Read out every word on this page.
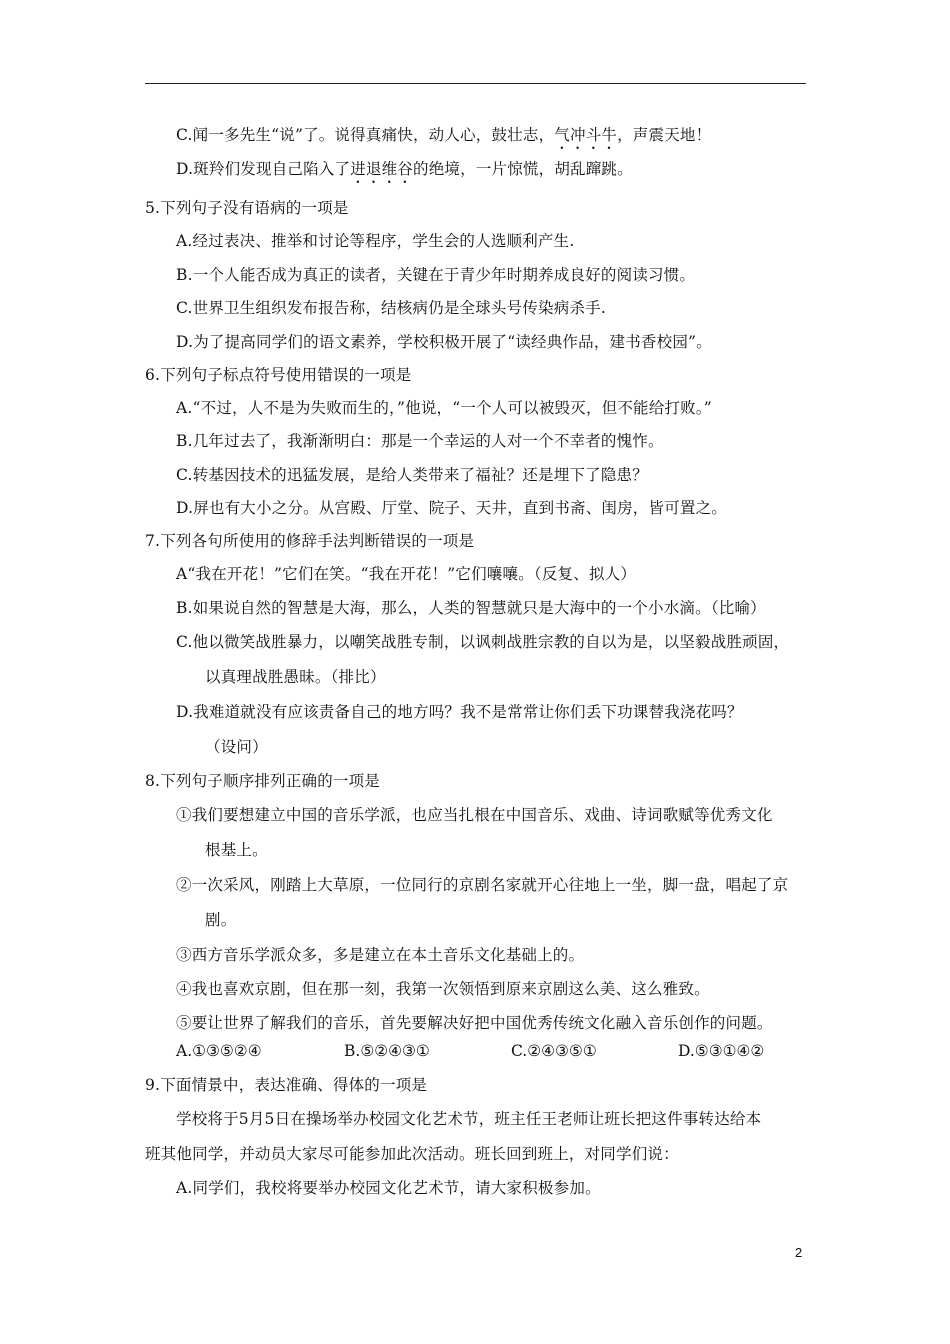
C.闻一多先生“说”了。说得真痛快，动人心，鼓壮志，气冲斗牛，声震天地！
D.斑羚们发现自己陷入了进退维谷的绝境，一片惊慌，胡乱蹿跳。
5.下列句子没有语病的一项是
A.经过表决、推举和讨论等程序，学生会的人选顺利产生.
B.一个人能否成为真正的读者，关键在于青少年时期养成良好的阅读习惯。
C.世界卫生组织发布报告称，结核病仍是全球头号传染病杀手.
D.为了提高同学们的语文素养，学校积极开展了“读经典作品，建书香校园”。
6.下列句子标点符号使用错误的一项是
A.“不过，人不是为失败而生的，”他说，“一个人可以被毁灭，但不能给打败。”
B.几年过去了，我渐渐明白：那是一个幸运的人对一个不幸者的愧怍。
C.转基因技术的迅猛发展，是给人类带来了福祉？还是埋下了隐患？
D.屏也有大小之分。从宫殿、厅堂、院子、天井，直到书斋、闺房，皆可置之。
7.下列各句所使用的修辞手法判断错误的一项是
A“我在开花！”它们在笑。“我在开花！”它们嚷嚷。（反复、拟人）
B.如果说自然的智慧是大海，那么，人类的智慧就只是大海中的一个小水滴。（比喻）
C.他以微笑战胜暴力，以嘲笑战胜专制，以讽刺战胜宗教的自以为是，以坚毅战胜顽固，
以真理战胜愚昧。（排比）
D.我难道就没有应该责备自己的地方吗？我不是常常让你们丢下功课替我浇花吗？
（设问）
8.下列句子顺序排列正确的一项是
①我们要想建立中国的音乐学派，也应当扎根在中国音乐、戏曲、诗词歌赋等优秀文化
根基上。
②一次采风，刚踏上大草原，一位同行的京剧名家就开心往地上一坐，脚一盘，唱起了京
剧。
③西方音乐学派众多，多是建立在本土音乐文化基础上的。
④我也喜欢京剧，但在那一刻，我第一次领悟到原来京剧这么美、这么雅致。
⑤要让世界了解我们的音乐，首先要解决好把中国优秀传统文化融入音乐创作的问题。
A.①③⑤②④	B.⑤②④③①	C.②④③⑤①	D.⑤③①④②
9.下面情景中，表达准确、得体的一项是
学校将于5月5日在操场举办校园文化艺术节，班主任王老师让班长把这件事转达给本
班其他同学，并动员大家尽可能参加此次活动。班长回到班上，对同学们说：
A.同学们，我校将要举办校园文化艺术节，请大家积极参加。
2
